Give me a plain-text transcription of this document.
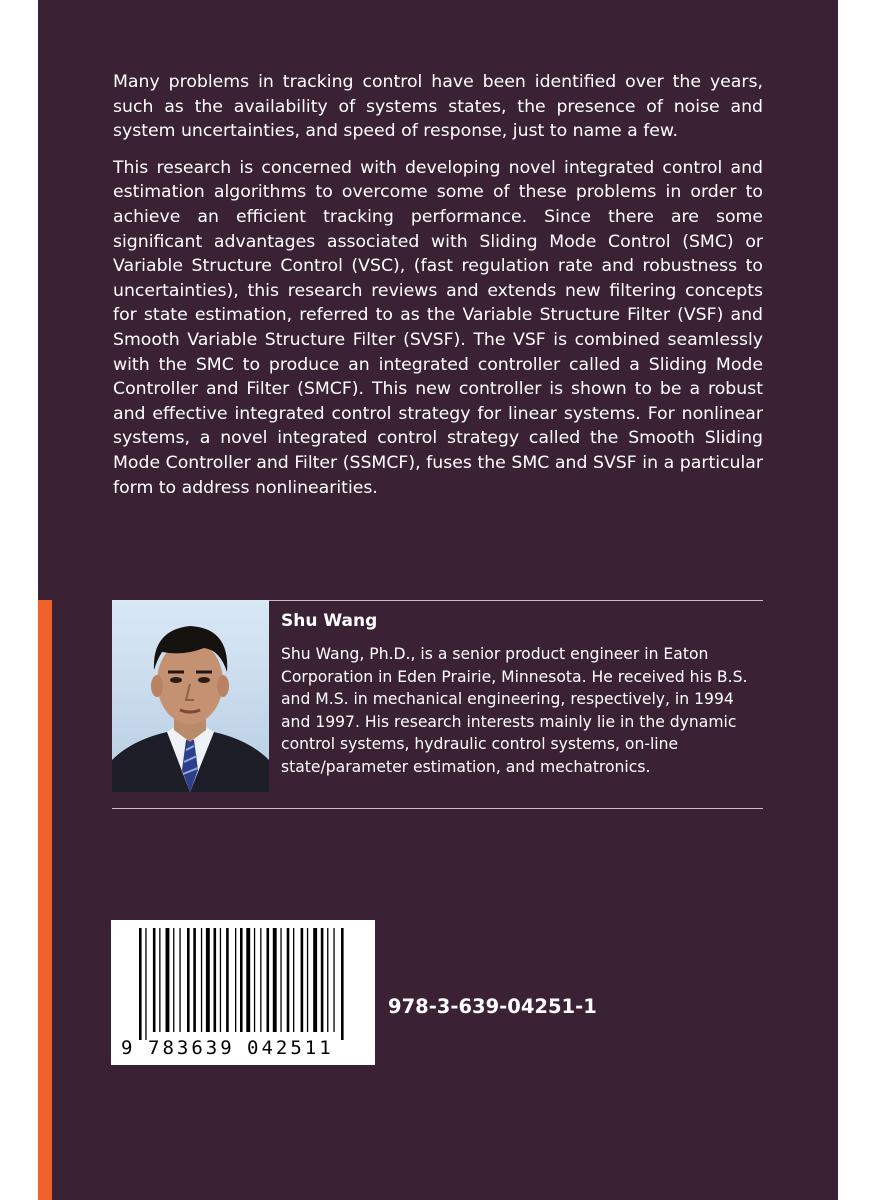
Many problems in tracking control have been identified over the years, such as the availability of systems states, the presence of noise and system uncertainties, and speed of response, just to name a few.

This research is concerned with developing novel integrated control and estimation algorithms to overcome some of these problems in order to achieve an efficient tracking performance. Since there are some significant advantages associated with Sliding Mode Control (SMC) or Variable Structure Control (VSC), (fast regulation rate and robustness to uncertainties), this research reviews and extends new filtering concepts for state estimation, referred to as the Variable Structure Filter (VSF) and Smooth Variable Structure Filter (SVSF). The VSF is combined seamlessly with the SMC to produce an integrated controller called a Sliding Mode Controller and Filter (SMCF). This new controller is shown to be a robust and effective integrated control strategy for linear systems. For nonlinear systems, a novel integrated control strategy called the Smooth Sliding Mode Controller and Filter (SSMCF), fuses the SMC and SVSF in a particular form to address nonlinearities.

Shu Wang
Shu Wang, Ph.D., is a senior product engineer in Eaton Corporation in Eden Prairie, Minnesota. He received his B.S. and M.S. in mechanical engineering, respectively, in 1994 and 1997. His research interests mainly lie in the dynamic control systems, hydraulic control systems, on-line state/parameter estimation, and mechatronics.
9 783639 042511
978-3-639-04251-1
